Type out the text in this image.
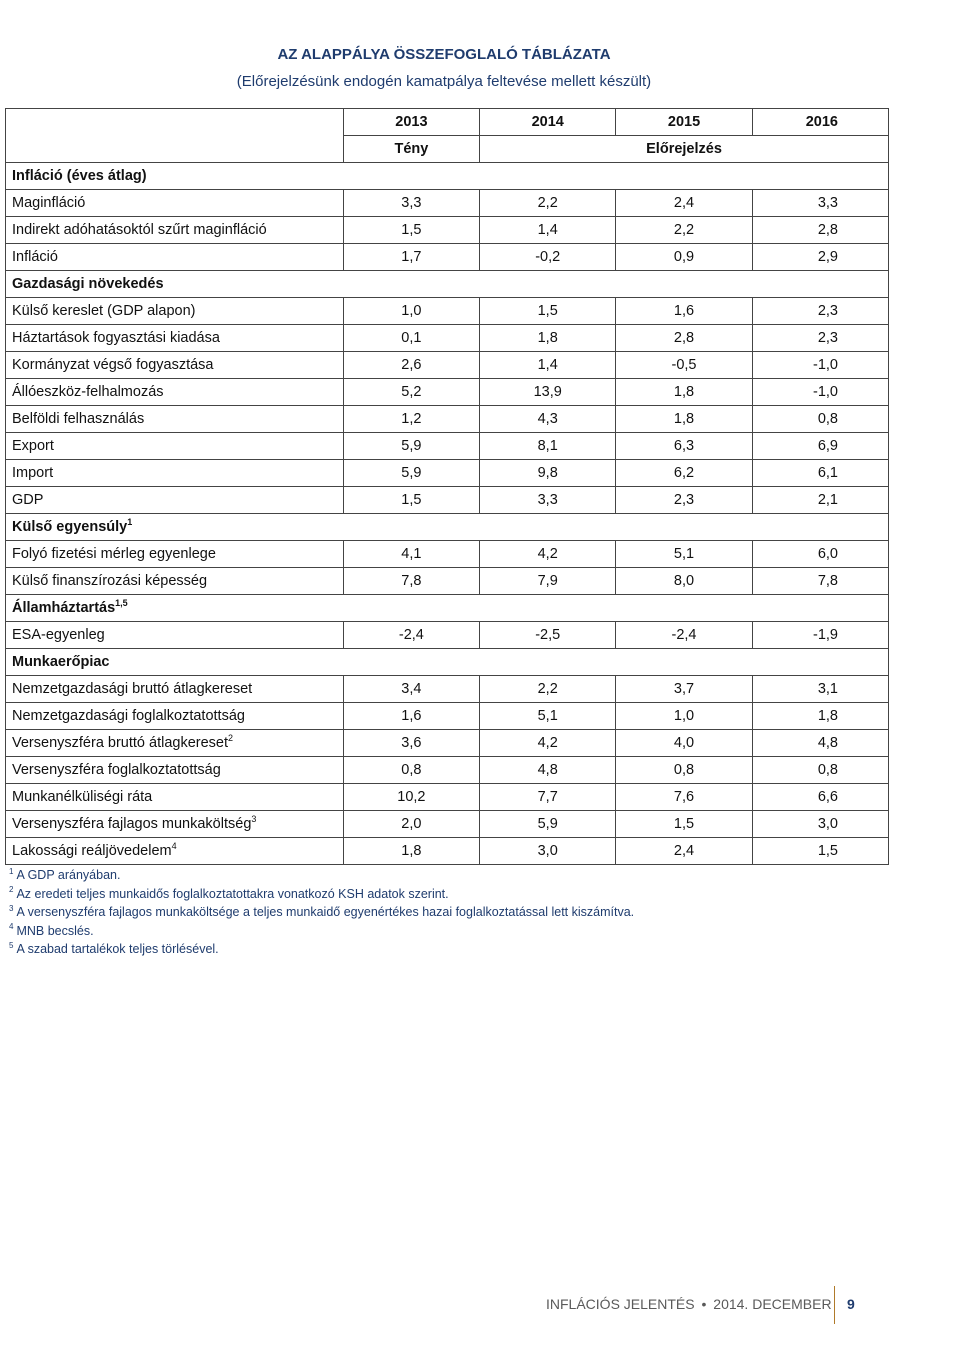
AZ ALAPPÁLYA ÖSSZEFOGLALÓ TÁBLÁZATA
(Előrejelzésünk endogén kamatpálya feltevése mellett készült)
	2013	2014	2015	2016
	Tény	Előrejelzés		
Infláció (éves átlag)				
Maginfláció	3,3	2,2	2,4	3,3
Indirekt adóhatásoktól szűrt maginfláció	1,5	1,4	2,2	2,8
Infláció	1,7	-0,2	0,9	2,9
Gazdasági növekedés				
Külső kereslet (GDP alapon)	1,0	1,5	1,6	2,3
Háztartások fogyasztási kiadása	0,1	1,8	2,8	2,3
Kormányzat végső fogyasztása	2,6	1,4	-0,5	-1,0
Állóeszköz-felhalmozás	5,2	13,9	1,8	-1,0
Belföldi felhasználás	1,2	4,3	1,8	0,8
Export	5,9	8,1	6,3	6,9
Import	5,9	9,8	6,2	6,1
GDP	1,5	3,3	2,3	2,1
Külső egyensúly$^1$
Folyó fizetési mérleg egyenlege	4,1	4,2	5,1	6,0
Külső finanszírozási képesség	7,8	7,9	8,0	7,8
Államháztartás$^{1,5}$
ESA-egyenleg	-2,4	-2,5	-2,4	-1,9
Munkaerőpiac				
Nemzetgazdasági bruttó átlagkereset	3,4	2,2	3,7	3,1
Nemzetgazdasági foglalkoztatottság	1,6	5,1	1,0	1,8
Versenyszféra bruttó átlagkereset$^2$	3,6	4,2	4,0	4,8
Versenyszféra foglalkoztatottság	0,8	4,8	0,8	0,8
Munkanélküliségi ráta	10,2	7,7	7,6	6,6
Versenyszféra fajlagos munkaköltség$^3$	2,0	5,9	1,5	3,0
Lakossági reáljövedelem$^4$	1,8	3,0	2,4	1,5
$^1$ A GDP arányában.
$^2$ Az eredeti teljes munkaidős foglalkoztatottakra vonatkozó KSH adatok szerint.
$^3$ A versenyszféra fajlagos munkaköltsége a teljes munkaidő egyenértékes hazai foglalkoztatással lett kiszámítva.
$^4$ MNB becslés.
$^5$ A szabad tartalékok teljes törlésével.
INFLÁCIÓS JELENTÉS • 2014. DECEMBER 9
